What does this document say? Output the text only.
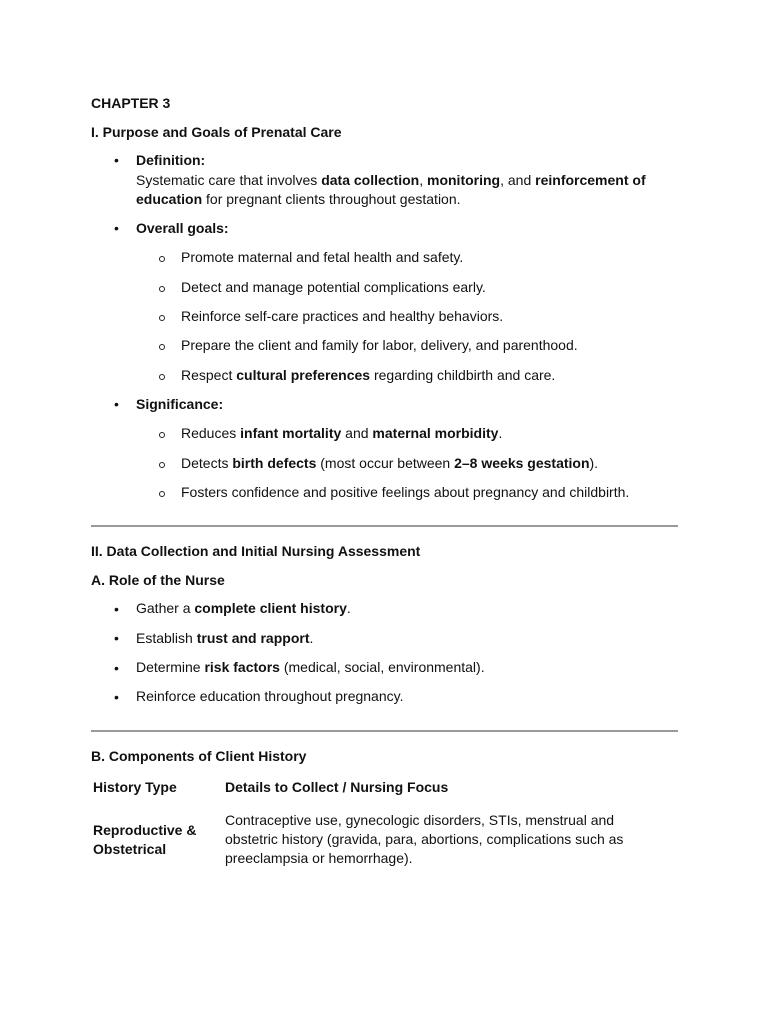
CHAPTER 3
I. Purpose and Goals of Prenatal Care
• Definition:
Systematic care that involves data collection, monitoring, and reinforcement of
education for pregnant clients throughout gestation.
• Overall goals:
Promote maternal and fetal health and safety.
Detect and manage potential complications early.
Reinforce self-care practices and healthy behaviors.
Prepare the client and family for labor, delivery, and parenthood.
Respect cultural preferences regarding childbirth and care.
• Significance:
Reduces infant mortality and maternal morbidity.
Detects birth defects (most occur between 2–8 weeks gestation).
Fosters confidence and positive feelings about pregnancy and childbirth.
II. Data Collection and Initial Nursing Assessment
A. Role of the Nurse
• Gather a complete client history.
• Establish trust and rapport.
• Determine risk factors (medical, social, environmental).
• Reinforce education throughout pregnancy.
B. Components of Client History
History Type	Details to Collect / Nursing Focus
Reproductive &
Obstetrical
Contraceptive use, gynecologic disorders, STIs, menstrual and
obstetric history (gravida, para, abortions, complications such as
preeclampsia or hemorrhage).
